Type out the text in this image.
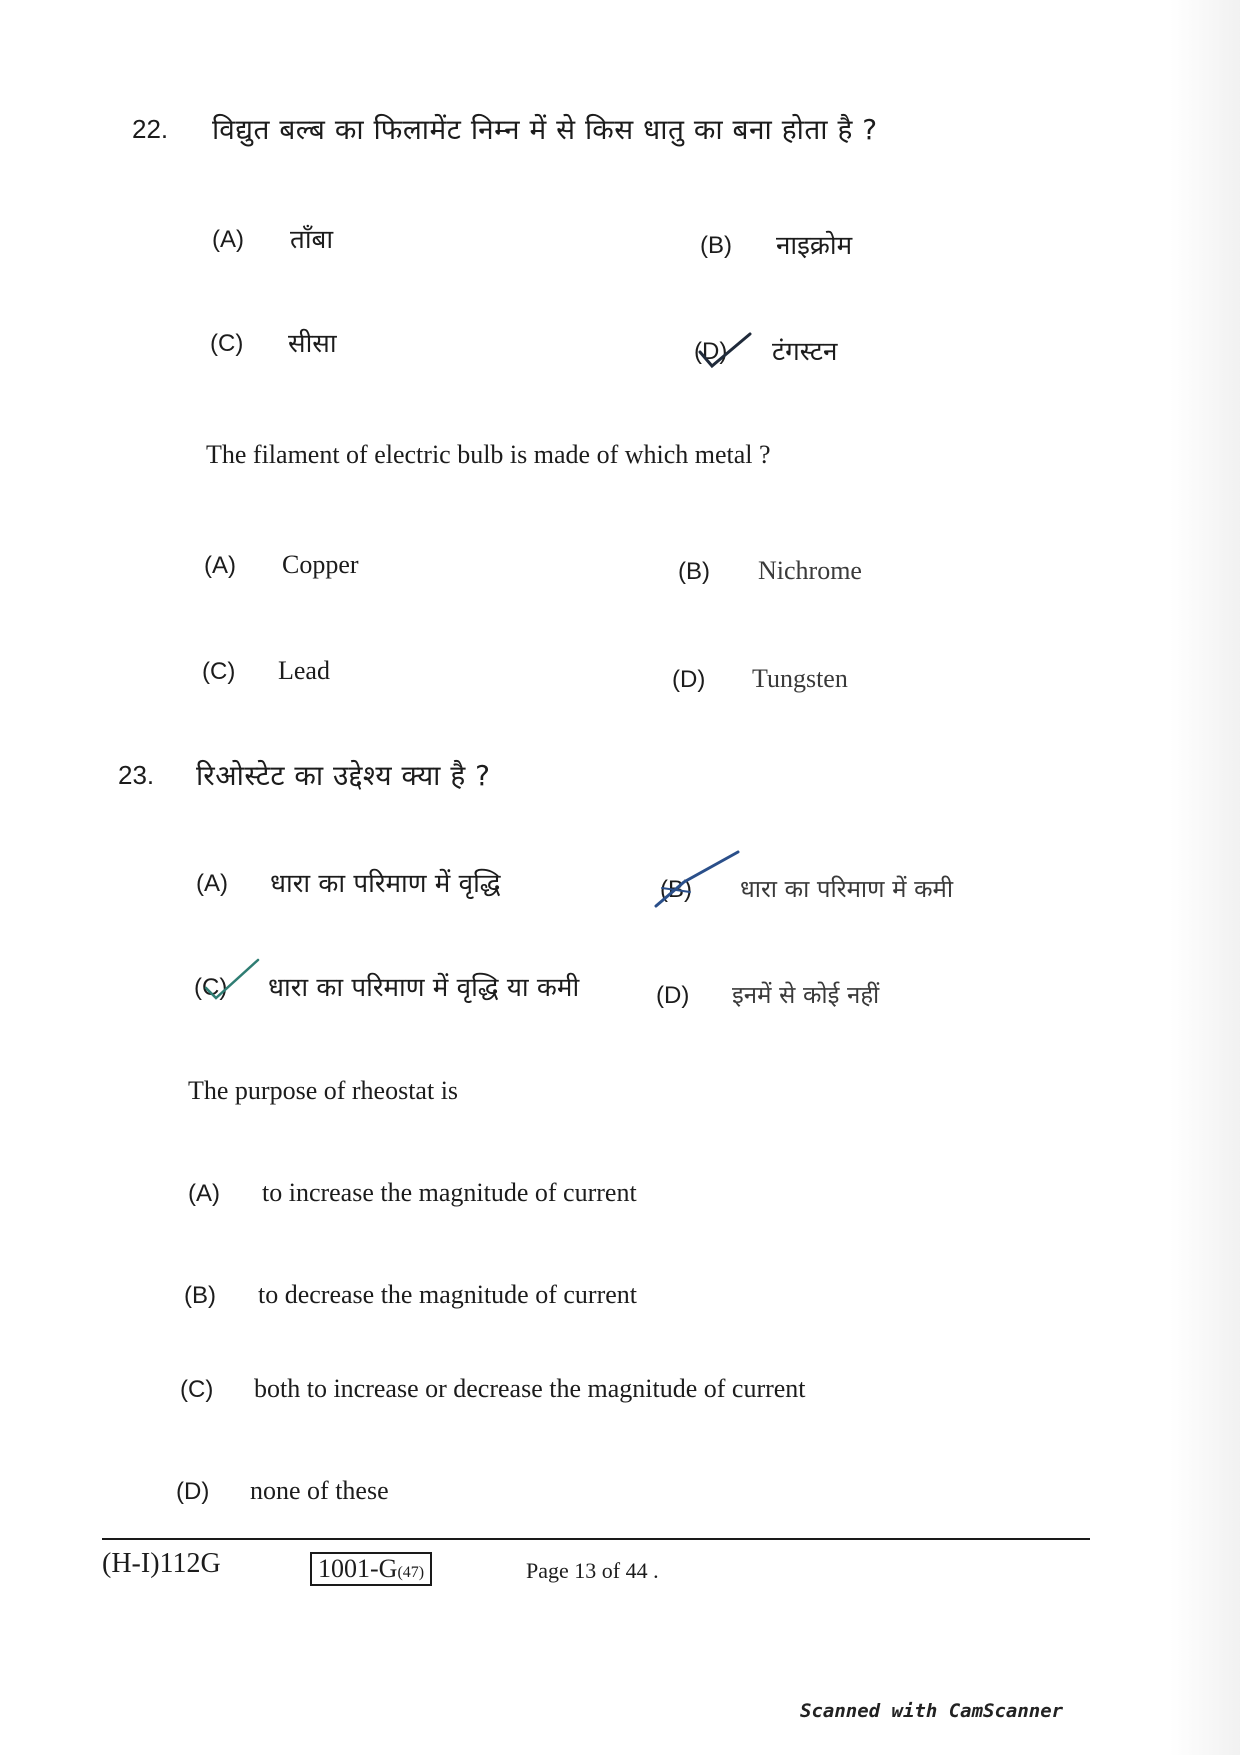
22. विद्युत बल्ब का फिलामेंट निम्न में से किस धातु का बना होता है ?
(A) ताँबा	(B) नाइक्रोम
(C) सीसा	(D) टंगस्टन
The filament of electric bulb is made of which metal ?
(A) Copper	(B) Nichrome
(C) Lead	(D) Tungsten
23. रिओस्टेट का उद्देश्य क्या है ?
(A) धारा का परिमाण में वृद्धि	(B) धारा का परिमाण में कमी
(C) धारा का परिमाण में वृद्धि या कमी	(D) इनमें से कोई नहीं
The purpose of rheostat is
(A) to increase the magnitude of current
(B) to decrease the magnitude of current
(C) both to increase or decrease the magnitude of current
(D) none of these
(H-I)112G	1001-G(47)	Page 13 of 44 .
Scanned with CamScanner
